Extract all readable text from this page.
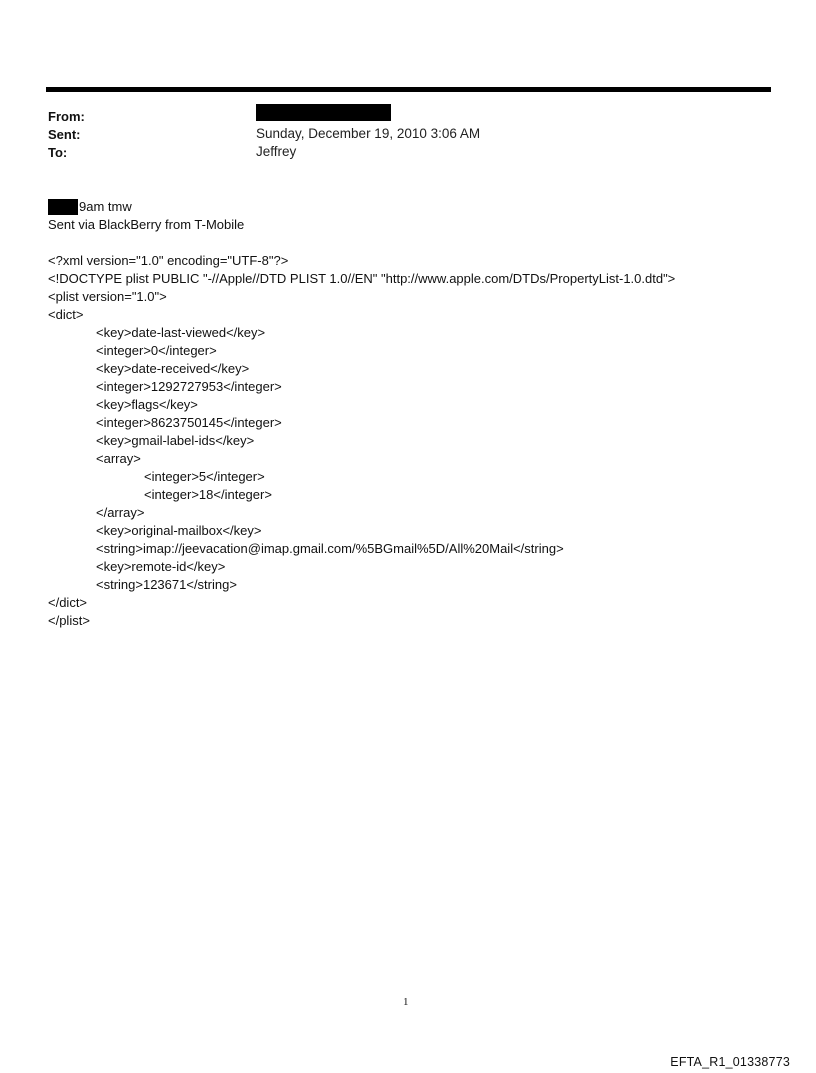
From:
Sent:	Sunday, December 19, 2010 3:06 AM
To:	Jeffrey
9am tmw
Sent via BlackBerry from T-Mobile
<?xml version="1.0" encoding="UTF-8"?>
<!DOCTYPE plist PUBLIC "-//Apple//DTD PLIST 1.0//EN" "http://www.apple.com/DTDs/PropertyList-1.0.dtd">
<plist version="1.0">
<dict>
<key>date-last-viewed</key>
<integer>0</integer>
<key>date-received</key>
<integer>1292727953</integer>
<key>flags</key>
<integer>8623750145</integer>
<key>gmail-label-ids</key>
<array>
<integer>5</integer>
<integer>18</integer>
</array>
<key>original-mailbox</key>
<string>imap://jeevacation@imap.gmail.com/%5BGmail%5D/All%20Mail</string>
<key>remote-id</key>
<string>123671</string>
</dict>
</plist>
1
EFTA_R1_01338773
